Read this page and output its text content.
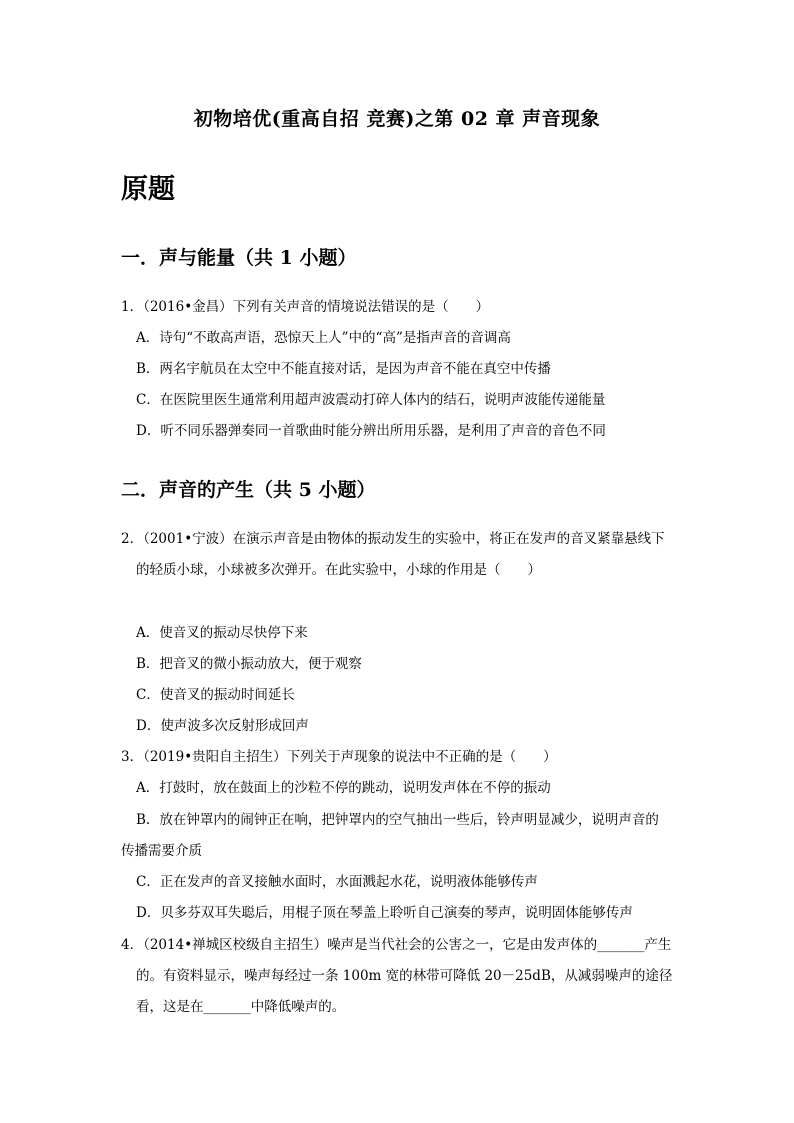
初物培优(重高自招 竞赛)之第 02 章 声音现象
原题
一．声与能量（共 1 小题）
1．（2016•金昌）下列有关声音的情境说法错误的是（　　）
A．诗句“不敢高声语，恐惊天上人”中的“高”是指声音的音调高
B．两名宇航员在太空中不能直接对话，是因为声音不能在真空中传播
C．在医院里医生通常利用超声波震动打碎人体内的结石，说明声波能传递能量
D．听不同乐器弹奏同一首歌曲时能分辨出所用乐器，是利用了声音的音色不同
二．声音的产生（共 5 小题）
2．（2001•宁波）在演示声音是由物体的振动发生的实验中，将正在发声的音叉紧靠悬线下
的轻质小球，小球被多次弹开。在此实验中，小球的作用是（　　）
A．使音叉的振动尽快停下来
B．把音叉的微小振动放大，便于观察
C．使音叉的振动时间延长
D．使声波多次反射形成回声
3．（2019•贵阳自主招生）下列关于声现象的说法中不正确的是（　　）
A．打鼓时，放在鼓面上的沙粒不停的跳动，说明发声体在不停的振动
B．放在钟罩内的闹钟正在响，把钟罩内的空气抽出一些后，铃声明显减少，说明声音的
传播需要介质
C．正在发声的音叉接触水面时，水面溅起水花，说明液体能够传声
D．贝多芬双耳失聪后，用棍子顶在琴盖上聆听自己演奏的琴声，说明固体能够传声
4．（2014•禅城区校级自主招生）噪声是当代社会的公害之一，它是由发声体的_______产生
的。有资料显示，噪声每经过一条 100m 宽的林带可降低 20－25dB，从减弱噪声的途径
看，这是在_______中降低噪声的。
